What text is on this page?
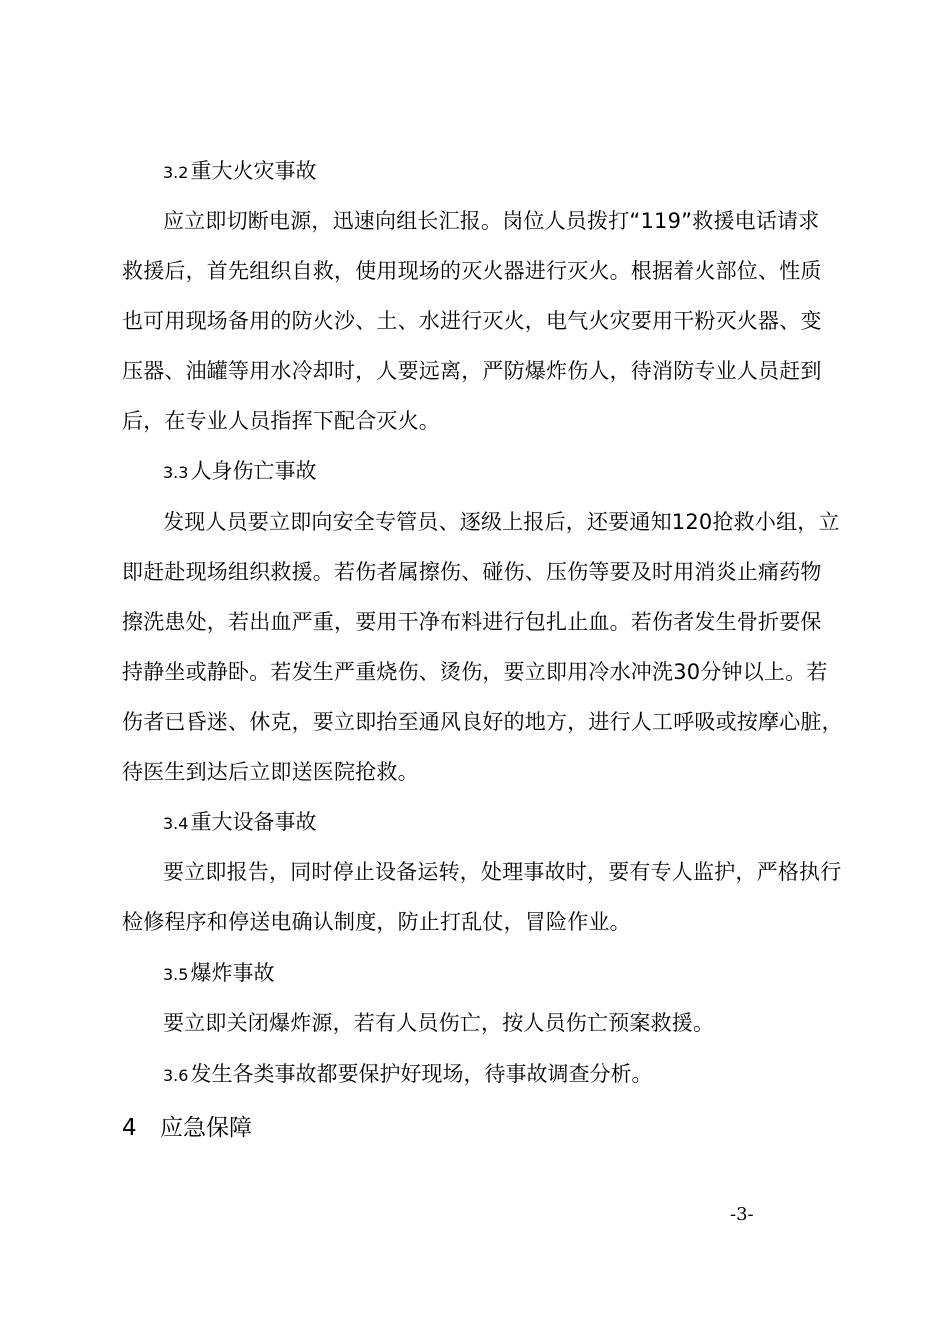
3.2重大火灾事故
应立即切断电源，迅速向组长汇报。岗位人员拨打“119”救援电话请求
救援后，首先组织自救，使用现场的灭火器进行灭火。根据着火部位、性质
也可用现场备用的防火沙、土、水进行灭火，电气火灾要用干粉灭火器、变
压器、油罐等用水冷却时，人要远离，严防爆炸伤人，待消防专业人员赶到
后，在专业人员指挥下配合灭火。
3.3人身伤亡事故
发现人员要立即向安全专管员、逐级上报后，还要通知120抢救小组，立
即赶赴现场组织救援。若伤者属擦伤、碰伤、压伤等要及时用消炎止痛药物
擦洗患处，若出血严重，要用干净布料进行包扎止血。若伤者发生骨折要保
持静坐或静卧。若发生严重烧伤、烫伤，要立即用冷水冲洗30分钟以上。若
伤者已昏迷、休克，要立即抬至通风良好的地方，进行人工呼吸或按摩心脏，
待医生到达后立即送医院抢救。
3.4重大设备事故
要立即报告，同时停止设备运转，处理事故时，要有专人监护，严格执行
检修程序和停送电确认制度，防止打乱仗，冒险作业。
3.5爆炸事故
要立即关闭爆炸源，若有人员伤亡，按人员伤亡预案救援。
3.6发生各类事故都要保护好现场，待事故调查分析。
4 应急保障
-3-
